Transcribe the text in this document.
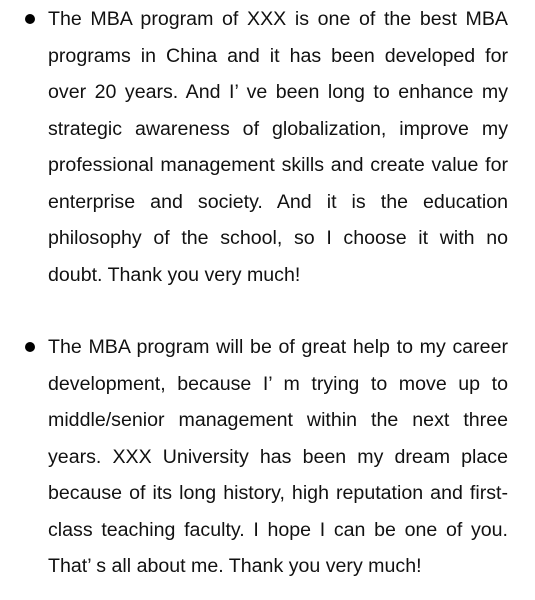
The MBA program of XXX is one of the best MBA programs in China and it has been developed for over 20 years. And I’ ve been long to enhance my strategic awareness of globalization, improve my professional management skills and create value for enterprise and society. And it is the education philosophy of the school, so I choose it with no doubt. Thank you very much!
The MBA program will be of great help to my career development, because I’ m trying to move up to middle/senior management within the next three years. XXX University has been my dream place because of its long history, high reputation and first-class teaching faculty. I hope I can be one of you. That’ s all about me. Thank you very much!
